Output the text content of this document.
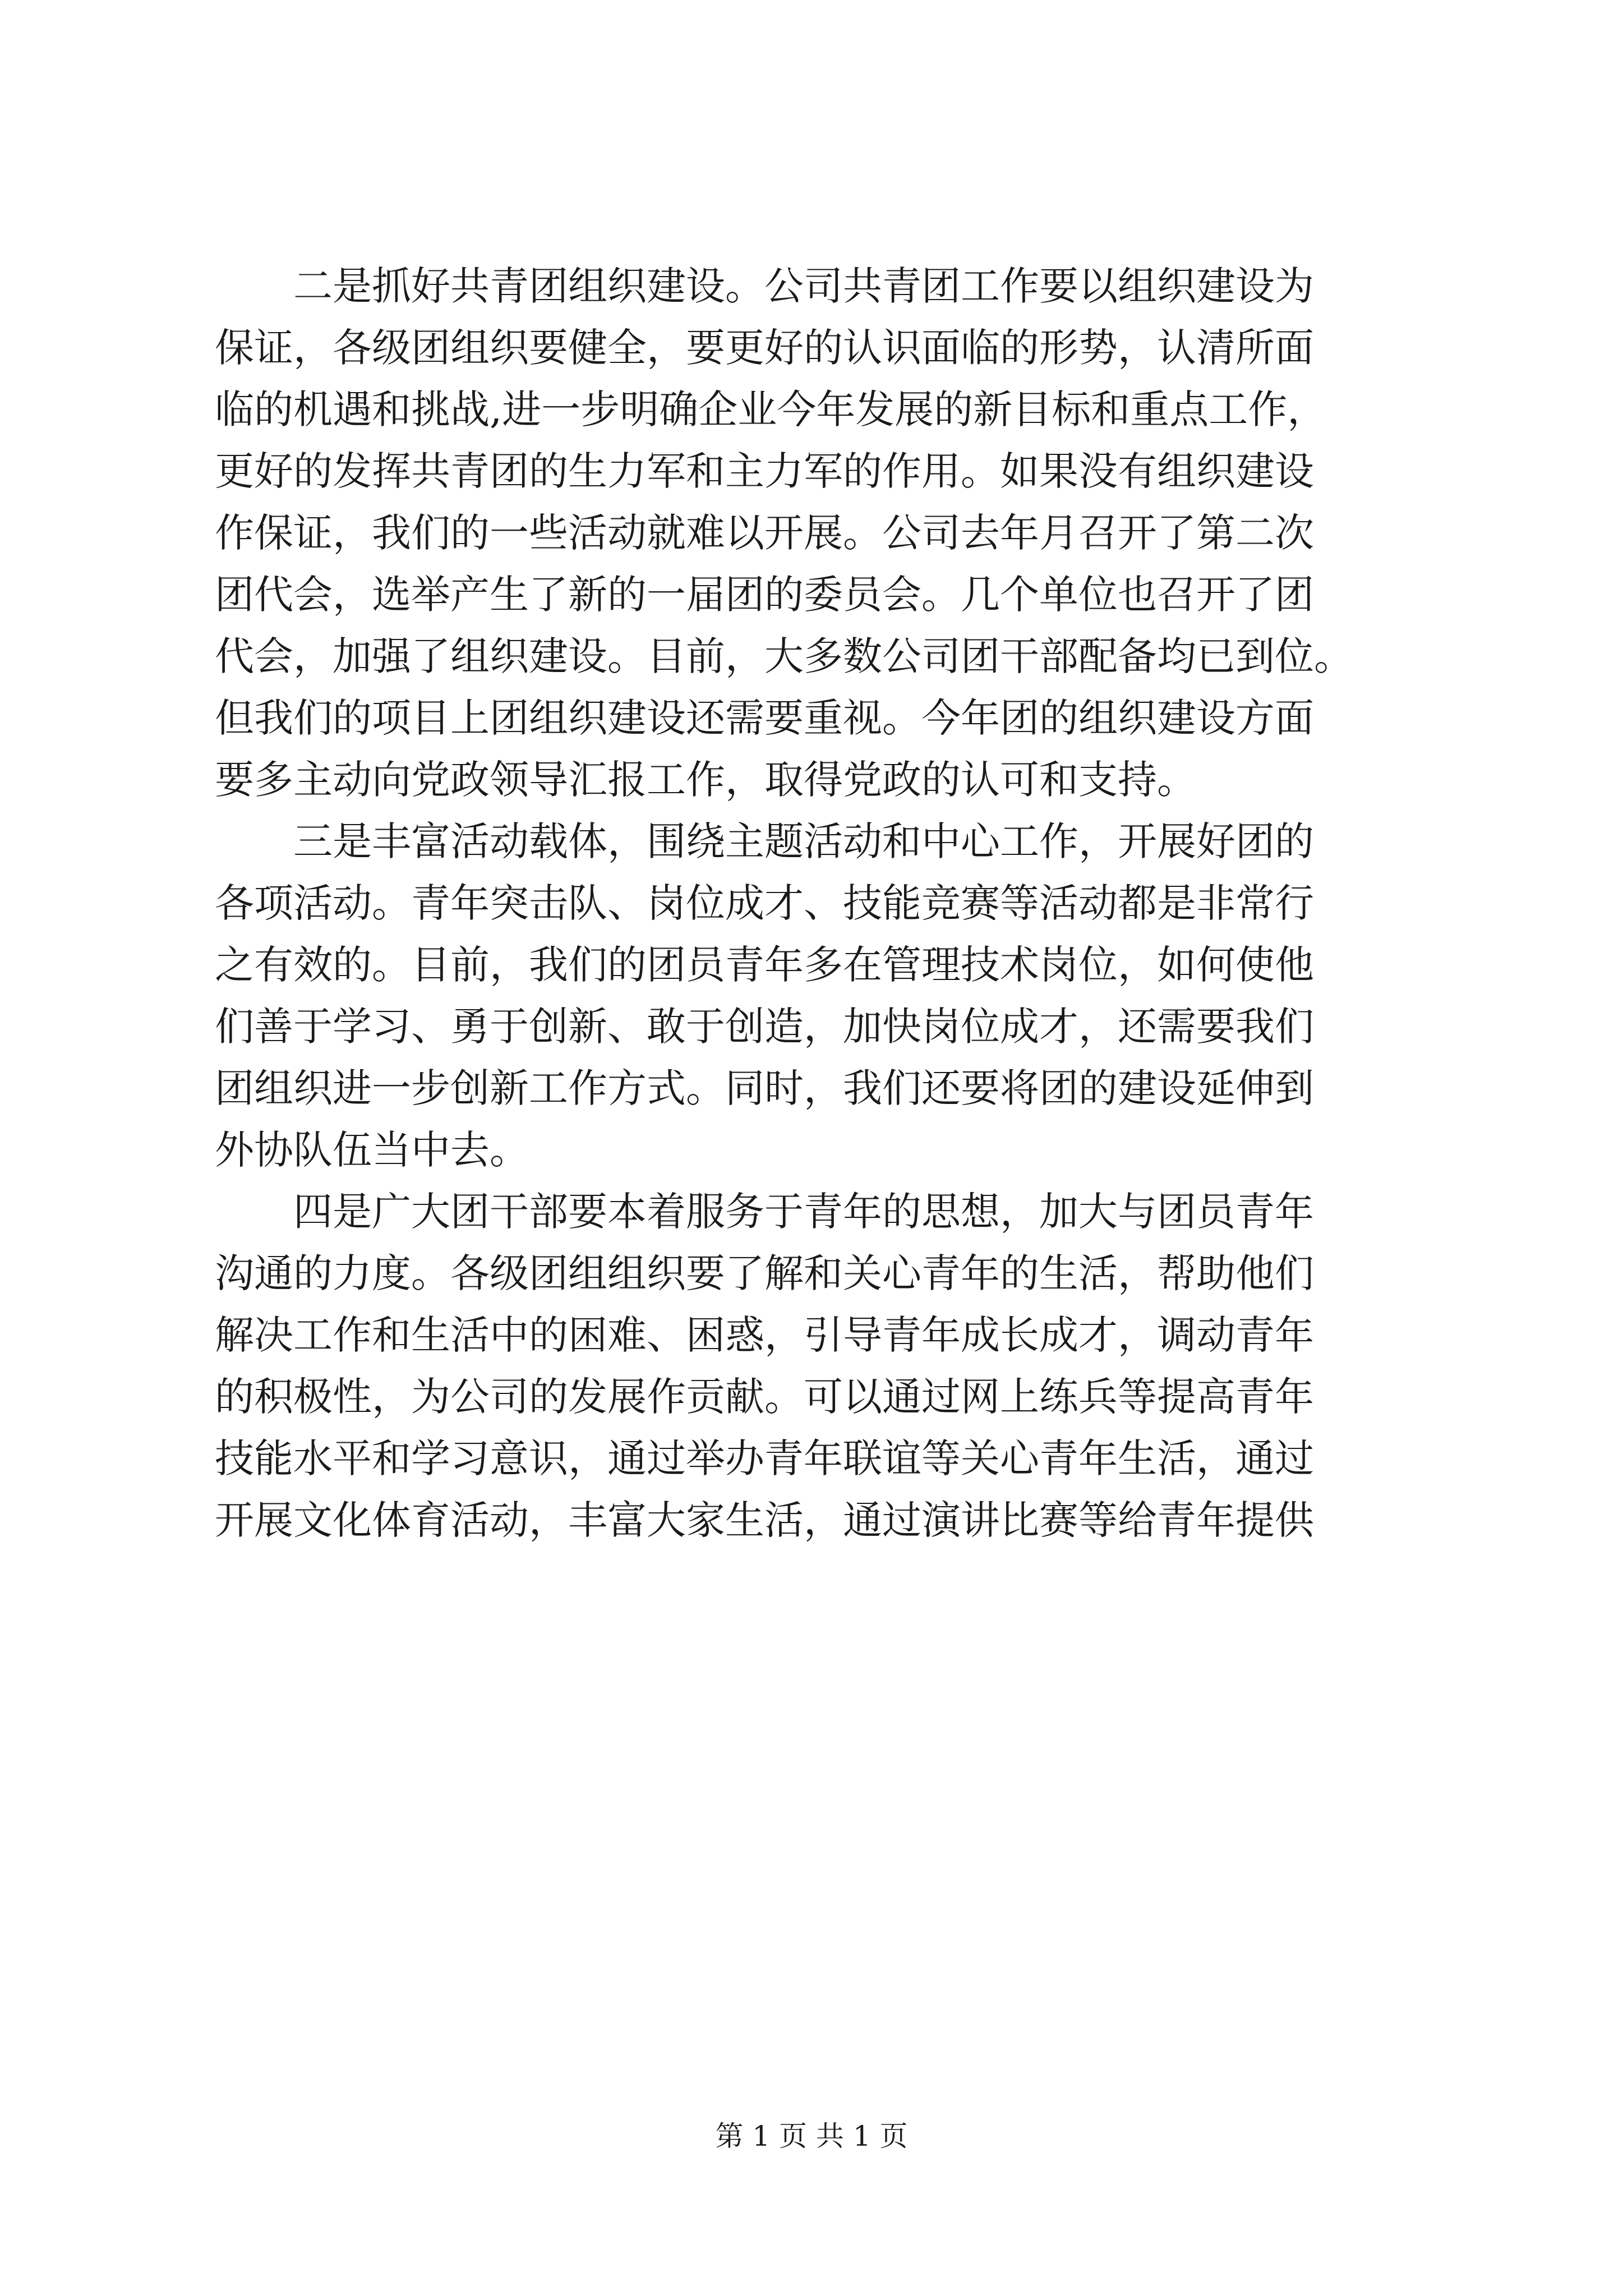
二是抓好共青团组织建设。公司共青团工作要以组织建设为
保证，各级团组织要健全，要更好的认识面临的形势，认清所面
临的机遇和挑战,进一步明确企业今年发展的新目标和重点工作，
更好的发挥共青团的生力军和主力军的作用。如果没有组织建设
作保证，我们的一些活动就难以开展。公司去年月召开了第二次
团代会，选举产生了新的一届团的委员会。几个单位也召开了团
代会，加强了组织建设。目前，大多数公司团干部配备均已到位。
但我们的项目上团组织建设还需要重视。今年团的组织建设方面
要多主动向党政领导汇报工作，取得党政的认可和支持。
三是丰富活动载体，围绕主题活动和中心工作，开展好团的
各项活动。青年突击队、岗位成才、技能竞赛等活动都是非常行
之有效的。目前，我们的团员青年多在管理技术岗位，如何使他
们善于学习、勇于创新、敢于创造，加快岗位成才，还需要我们
团组织进一步创新工作方式。同时，我们还要将团的建设延伸到
外协队伍当中去。
四是广大团干部要本着服务于青年的思想，加大与团员青年
沟通的力度。各级团组组织要了解和关心青年的生活，帮助他们
解决工作和生活中的困难、困惑，引导青年成长成才，调动青年
的积极性，为公司的发展作贡献。可以通过网上练兵等提高青年
技能水平和学习意识，通过举办青年联谊等关心青年生活，通过
开展文化体育活动，丰富大家生活，通过演讲比赛等给青年提供
第 1 页 共 1 页
